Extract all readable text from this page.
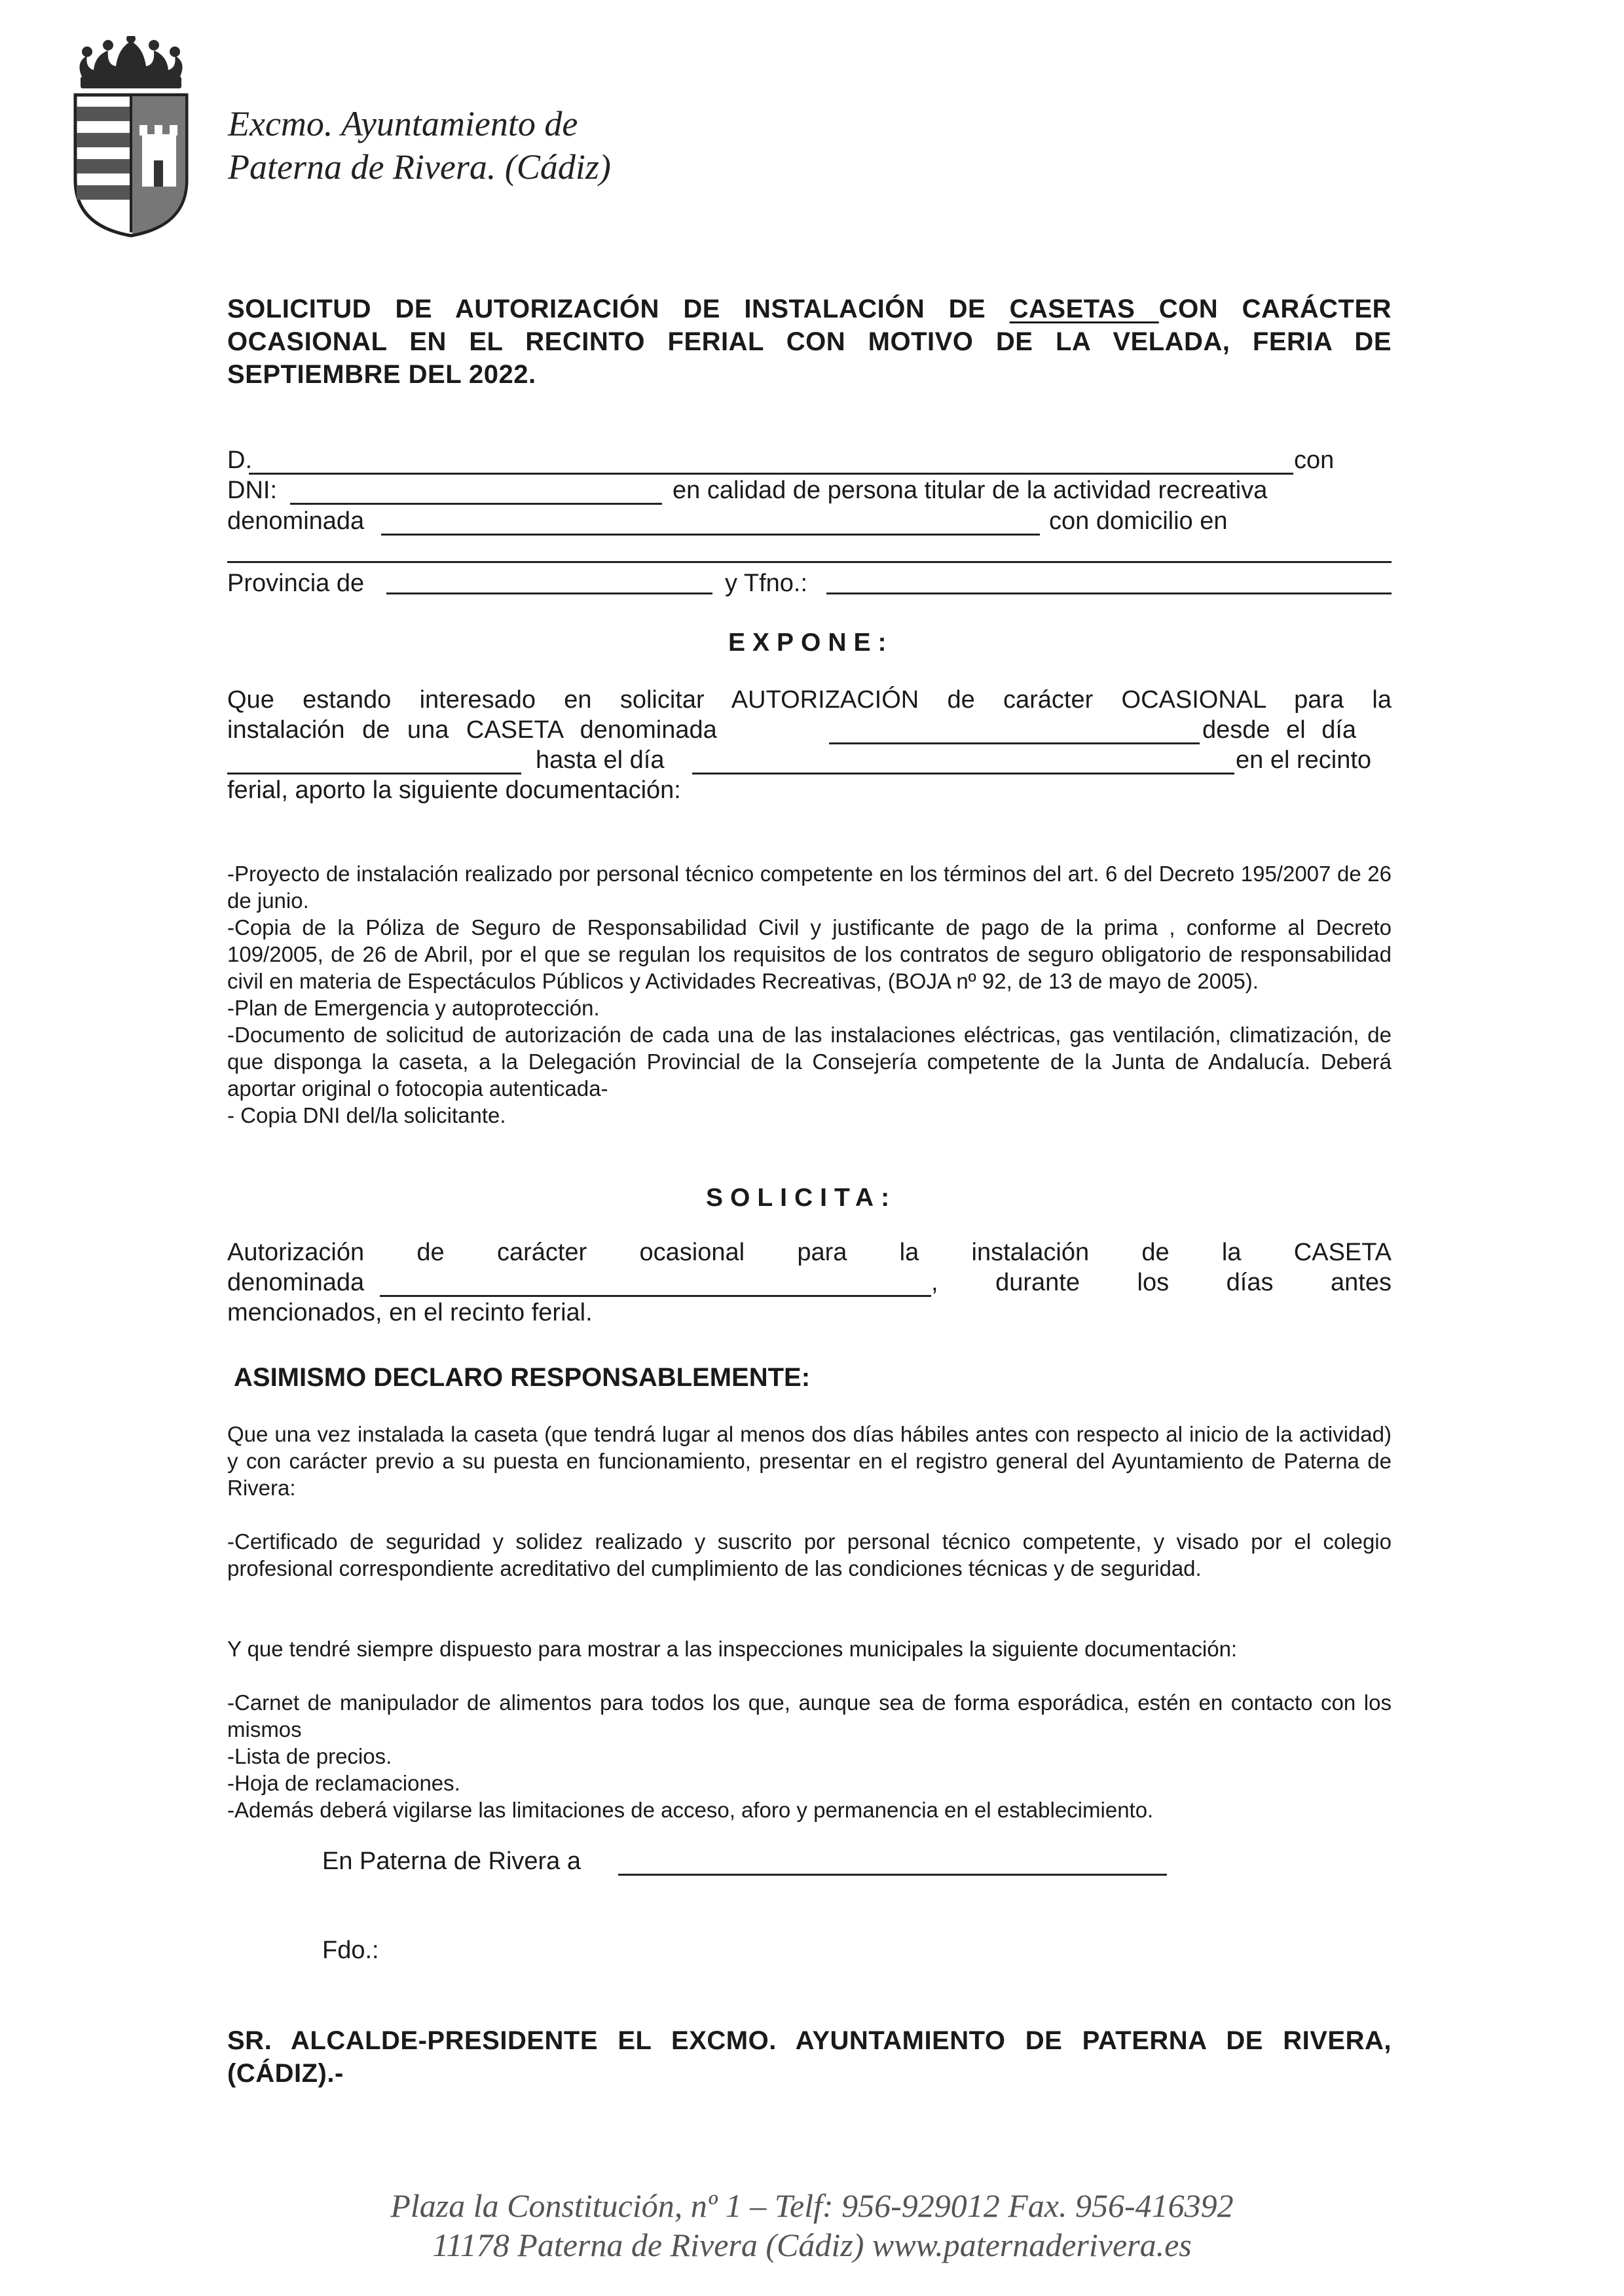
Excmo. Ayuntamiento de
Paterna de Rivera. (Cádiz)
SOLICITUD DE AUTORIZACIÓN DE INSTALACIÓN DE CASETAS CON CARÁCTER OCASIONAL EN EL RECINTO FERIAL CON MOTIVO DE LA VELADA, FERIA DE SEPTIEMBRE DEL 2022.
D.	con
DNI:	en calidad de persona titular de la actividad recreativa
denominada	con domicilio en
Provincia de	y Tfno.:
EXPONE:
Que estando interesado en solicitar AUTORIZACIÓN de carácter OCASIONAL para la
instalación de una CASETA denominada	desde el día
hasta el día	en el recinto
ferial, aporto la siguiente documentación:
-Proyecto de instalación realizado por personal técnico competente en los términos del art. 6 del Decreto 195/2007 de 26 de junio.
-Copia de la Póliza de Seguro de Responsabilidad Civil y justificante de pago de la prima , conforme al Decreto 109/2005, de 26 de Abril, por el que se regulan los requisitos de los contratos de seguro obligatorio de responsabilidad civil en materia de Espectáculos Públicos y Actividades Recreativas, (BOJA nº 92, de 13 de mayo de 2005).
-Plan de Emergencia y autoprotección.
-Documento de solicitud de autorización de cada una de las instalaciones eléctricas, gas ventilación, climatización, de que disponga la caseta, a la Delegación Provincial de la Consejería competente de la Junta de Andalucía. Deberá aportar original o fotocopia autenticada-
- Copia DNI del/la solicitante.
SOLICITA:
Autorización de carácter ocasional para la instalación de la CASETA
denominada	, durante los días antes
mencionados, en el recinto ferial.
ASIMISMO DECLARO RESPONSABLEMENTE:
Que una vez instalada la caseta (que tendrá lugar al menos dos días hábiles antes con respecto al inicio de la actividad) y con carácter previo a su puesta en funcionamiento, presentar en el registro general del Ayuntamiento de Paterna de Rivera:
-Certificado de seguridad y solidez realizado y suscrito por personal técnico competente, y visado por el colegio profesional correspondiente acreditativo del cumplimiento de las condiciones técnicas y de seguridad.
Y que tendré siempre dispuesto para mostrar a las inspecciones municipales la siguiente documentación:
-Carnet de manipulador de alimentos para todos los que, aunque sea de forma esporádica, estén en contacto con los mismos
-Lista de precios.
-Hoja de reclamaciones.
-Además deberá vigilarse las limitaciones de acceso, aforo y permanencia en el establecimiento.
En Paterna de Rivera a
Fdo.:
SR. ALCALDE-PRESIDENTE EL EXCMO. AYUNTAMIENTO DE PATERNA DE RIVERA, (CÁDIZ).-
Plaza la Constitución, nº 1 – Telf: 956-929012 Fax. 956-416392
11178 Paterna de Rivera (Cádiz) www.paternaderivera.es
